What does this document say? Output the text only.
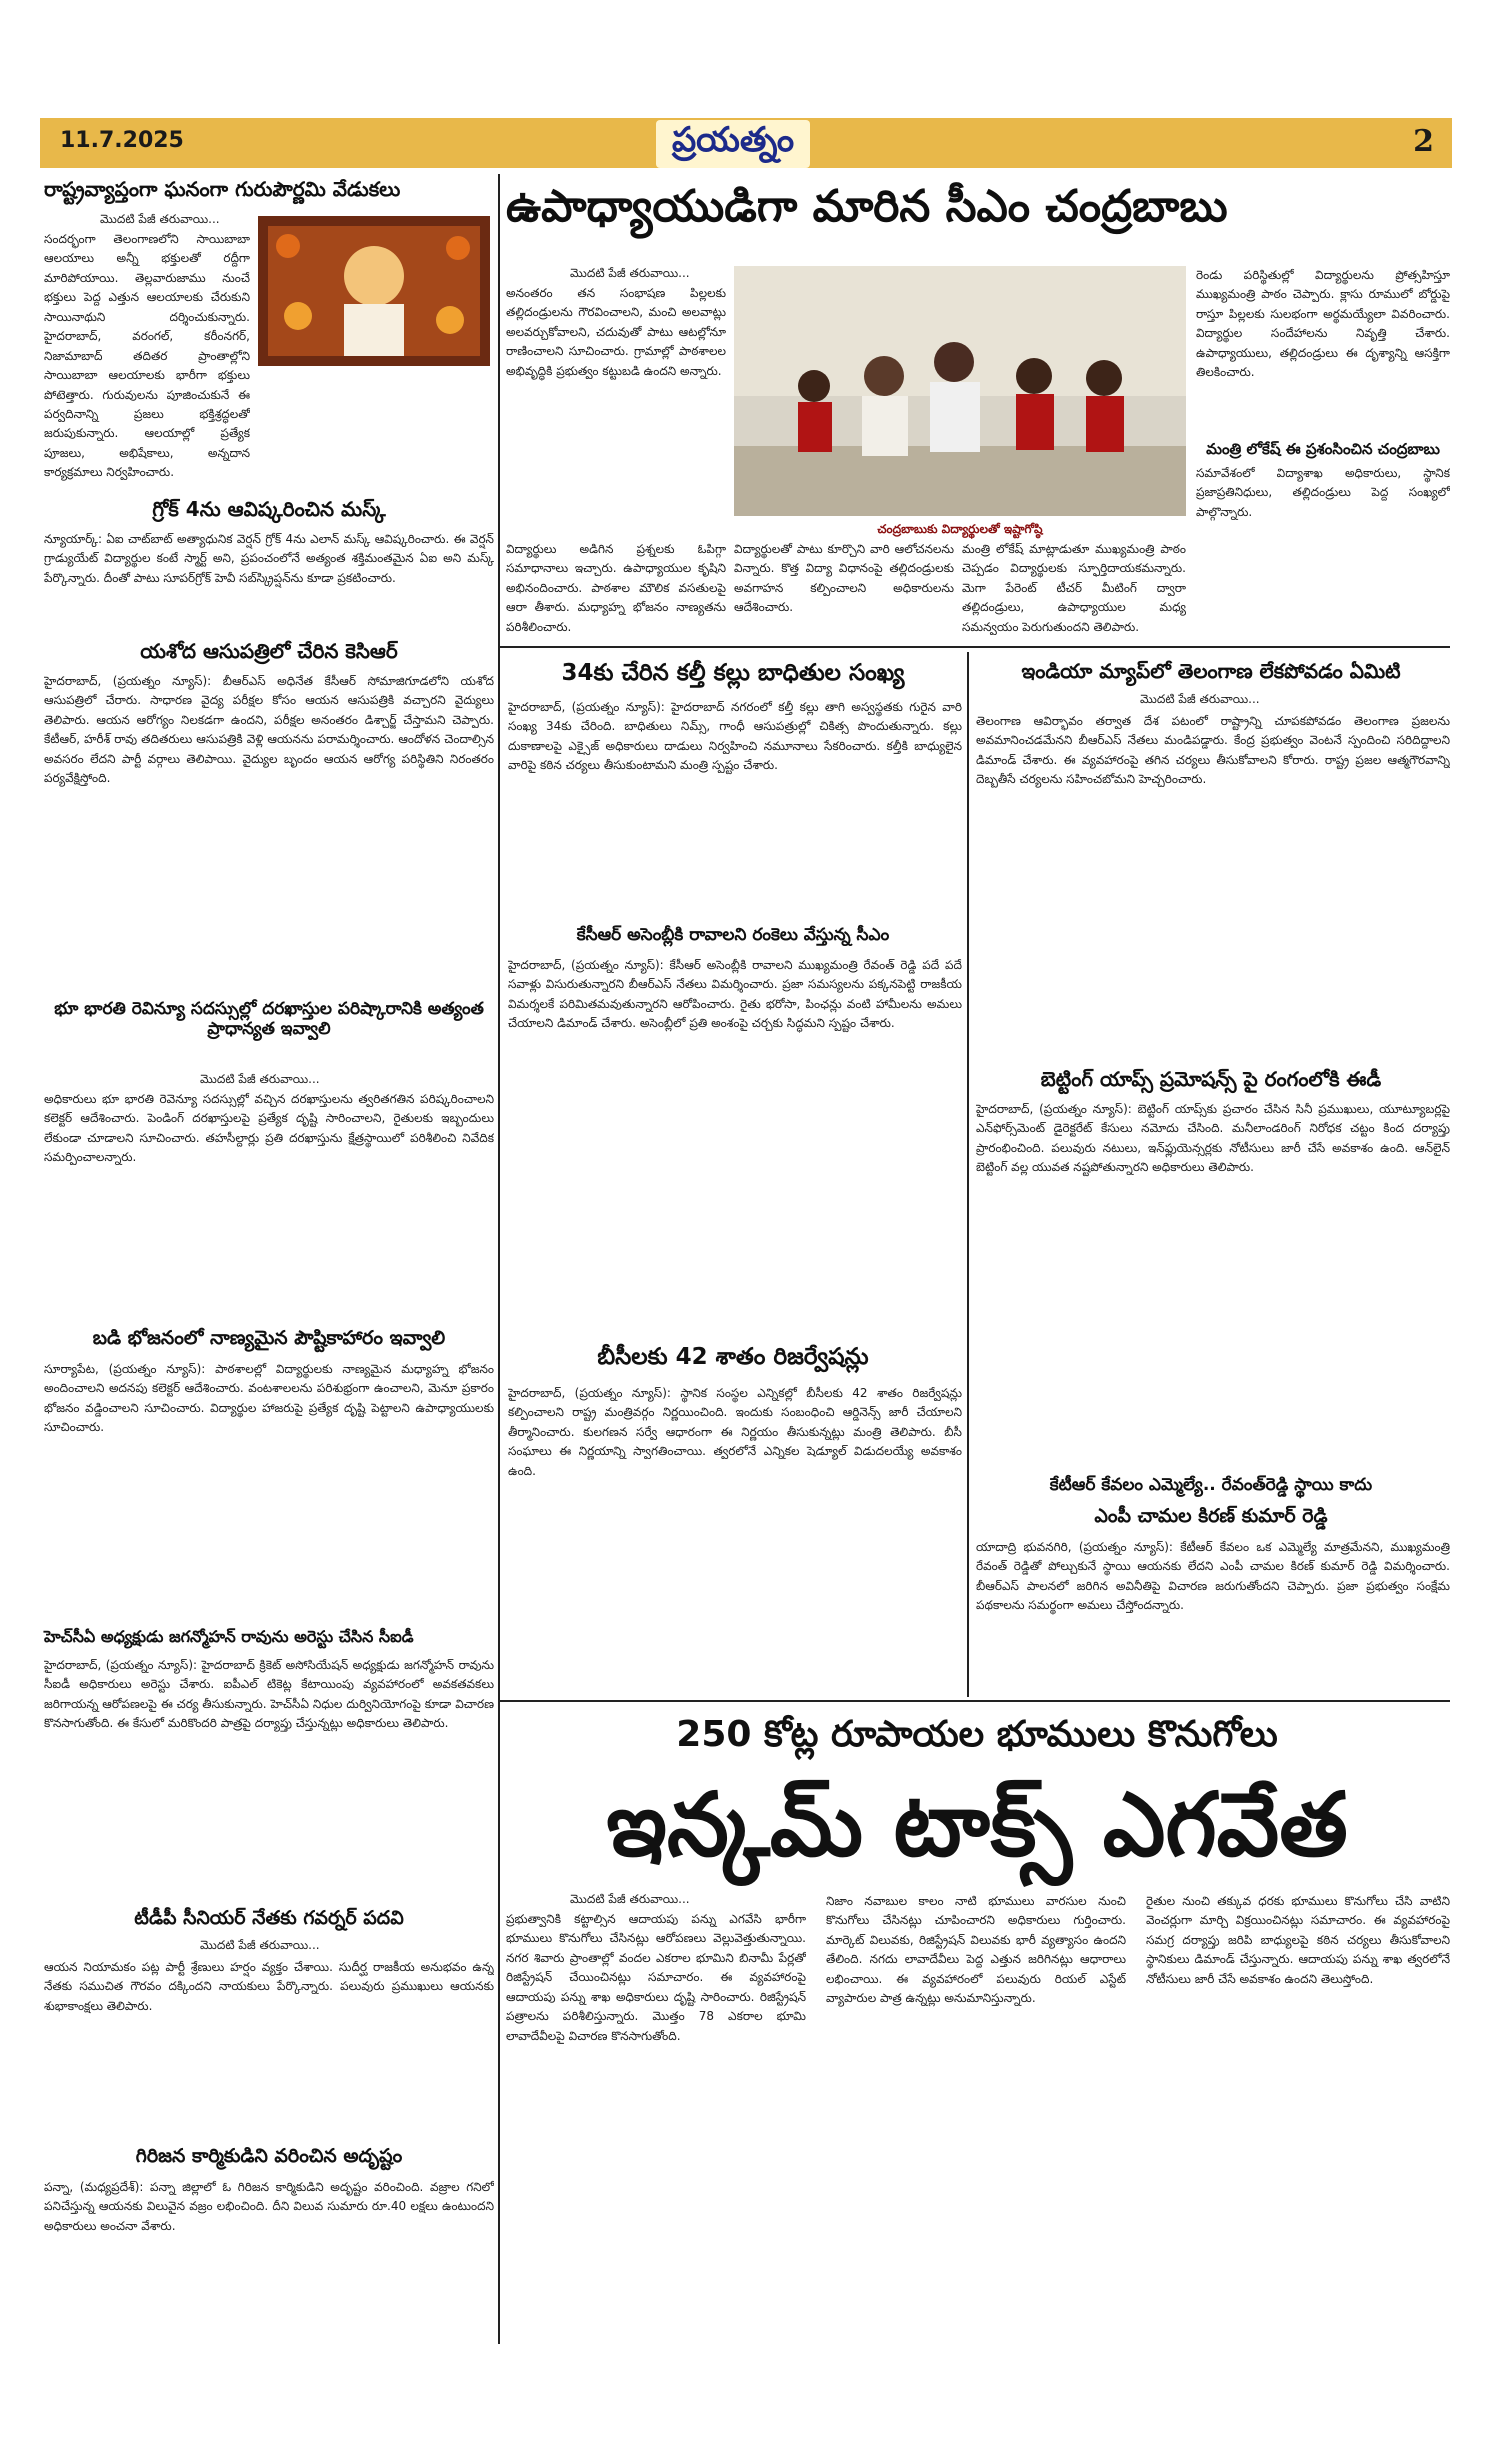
11.7.2025	ప్రయత్నం	2
రాష్ట్రవ్యాప్తంగా ఘనంగా గురుపౌర్ణమి వేడుకలు
మొదటి పేజీ తరువాయి...
సందర్భంగా తెలంగాణలోని సాయిబాబా ఆలయాలు అన్నీ భక్తులతో రద్దీగా మారిపోయాయి. తెల్లవారుజాము నుంచే భక్తులు పెద్ద ఎత్తున ఆలయాలకు చేరుకుని సాయినాథుని దర్శించుకున్నారు. హైదరాబాద్, వరంగల్, కరీంనగర్, నిజామాబాద్ తదితర ప్రాంతాల్లోని సాయిబాబా ఆలయాలకు భారీగా భక్తులు పోటెత్తారు. గురువులను పూజించుకునే ఈ పర్వదినాన్ని ప్రజలు భక్తిశ్రద్ధలతో జరుపుకున్నారు. ఆలయాల్లో ప్రత్యేక పూజలు, అభిషేకాలు, అన్నదాన కార్యక్రమాలు నిర్వహించారు.
గ్రోక్ 4ను ఆవిష్కరించిన మస్క్
న్యూయార్క్: ఏఐ చాట్‌బాట్ అత్యాధునిక వెర్షన్ గ్రోక్ 4ను ఎలాన్ మస్క్ ఆవిష్కరించారు. ఈ వెర్షన్ గ్రాడ్యుయేట్ విద్యార్థుల కంటే స్మార్ట్ అని, ప్రపంచంలోనే అత్యంత శక్తిమంతమైన ఏఐ అని మస్క్ పేర్కొన్నారు. దీంతో పాటు సూపర్‌గ్రోక్ హెవీ సబ్‌స్క్రిప్షన్‌ను కూడా ప్రకటించారు.
యశోద ఆసుపత్రిలో చేరిన కెసిఆర్
హైదరాబాద్, (ప్రయత్నం న్యూస్): బీఆర్ఎస్ అధినేత కేసీఆర్ సోమాజిగూడలోని యశోద ఆసుపత్రిలో చేరారు. సాధారణ వైద్య పరీక్షల కోసం ఆయన ఆసుపత్రికి వచ్చారని వైద్యులు తెలిపారు. ఆయన ఆరోగ్యం నిలకడగా ఉందని, పరీక్షల అనంతరం డిశ్చార్జ్ చేస్తామని చెప్పారు. కేటీఆర్, హరీశ్ రావు తదితరులు ఆసుపత్రికి వెళ్లి ఆయనను పరామర్శించారు. ఆందోళన చెందాల్సిన అవసరం లేదని పార్టీ వర్గాలు తెలిపాయి. వైద్యుల బృందం ఆయన ఆరోగ్య పరిస్థితిని నిరంతరం పర్యవేక్షిస్తోంది.
భూ భారతి రెవిన్యూ సదస్సుల్లో దరఖాస్తుల పరిష్కారానికి అత్యంత ప్రాధాన్యత ఇవ్వాలి
మొదటి పేజీ తరువాయి...
అధికారులు భూ భారతి రెవెన్యూ సదస్సుల్లో వచ్చిన దరఖాస్తులను త్వరితగతిన పరిష్కరించాలని కలెక్టర్ ఆదేశించారు. పెండింగ్ దరఖాస్తులపై ప్రత్యేక దృష్టి సారించాలని, రైతులకు ఇబ్బందులు లేకుండా చూడాలని సూచించారు. తహసీల్దార్లు ప్రతి దరఖాస్తును క్షేత్రస్థాయిలో పరిశీలించి నివేదిక సమర్పించాలన్నారు.
బడి భోజనంలో నాణ్యమైన పౌష్టికాహారం ఇవ్వాలి
సూర్యాపేట, (ప్రయత్నం న్యూస్): పాఠశాలల్లో విద్యార్థులకు నాణ్యమైన మధ్యాహ్న భోజనం అందించాలని అదనపు కలెక్టర్ ఆదేశించారు. వంటశాలలను పరిశుభ్రంగా ఉంచాలని, మెనూ ప్రకారం భోజనం వడ్డించాలని సూచించారు. విద్యార్థుల హాజరుపై ప్రత్యేక దృష్టి పెట్టాలని ఉపాధ్యాయులకు సూచించారు.
హెచ్‌సీఏ అధ్యక్షుడు జగన్మోహన్ రావును అరెస్టు చేసిన సీఐడీ
హైదరాబాద్, (ప్రయత్నం న్యూస్): హైదరాబాద్ క్రికెట్ అసోసియేషన్ అధ్యక్షుడు జగన్మోహన్ రావును సీఐడీ అధికారులు అరెస్టు చేశారు. ఐపీఎల్ టికెట్ల కేటాయింపు వ్యవహారంలో అవకతవకలు జరిగాయన్న ఆరోపణలపై ఈ చర్య తీసుకున్నారు. హెచ్‌సీఏ నిధుల దుర్వినియోగంపై కూడా విచారణ కొనసాగుతోంది. ఈ కేసులో మరికొందరి పాత్రపై దర్యాప్తు చేస్తున్నట్లు అధికారులు తెలిపారు.
టీడీపీ సీనియర్ నేతకు గవర్నర్ పదవి
మొదటి పేజీ తరువాయి...
ఆయన నియామకం పట్ల పార్టీ శ్రేణులు హర్షం వ్యక్తం చేశాయి. సుదీర్ఘ రాజకీయ అనుభవం ఉన్న నేతకు సముచిత గౌరవం దక్కిందని నాయకులు పేర్కొన్నారు. పలువురు ప్రముఖులు ఆయనకు శుభాకాంక్షలు తెలిపారు.
గిరిజన కార్మికుడిని వరించిన అదృష్టం
పన్నా, (మధ్యప్రదేశ్): పన్నా జిల్లాలో ఓ గిరిజన కార్మికుడిని అదృష్టం వరించింది. వజ్రాల గనిలో పనిచేస్తున్న ఆయనకు విలువైన వజ్రం లభించింది. దీని విలువ సుమారు రూ.40 లక్షలు ఉంటుందని అధికారులు అంచనా వేశారు.
ఉపాధ్యాయుడిగా మారిన సీఎం చంద్రబాబు
మొదటి పేజీ తరువాయి...
అనంతరం తన సంభాషణ పిల్లలకు తల్లిదండ్రులను గౌరవించాలని, మంచి అలవాట్లు అలవర్చుకోవాలని, చదువుతో పాటు ఆటల్లోనూ రాణించాలని సూచించారు. గ్రామాల్లో పాఠశాలల అభివృద్ధికి ప్రభుత్వం కట్టుబడి ఉందని అన్నారు.
చంద్రబాబుకు విద్యార్థులతో ఇష్టాగోష్ఠి
విద్యార్థులు అడిగిన ప్రశ్నలకు ఓపిగ్గా సమాధానాలు ఇచ్చారు. ఉపాధ్యాయుల కృషిని అభినందించారు. పాఠశాల మౌలిక వసతులపై ఆరా తీశారు. మధ్యాహ్న భోజనం నాణ్యతను పరిశీలించారు.
విద్యార్థులతో పాటు కూర్చొని వారి ఆలోచనలను విన్నారు. కొత్త విద్యా విధానంపై తల్లిదండ్రులకు అవగాహన కల్పించాలని అధికారులను ఆదేశించారు.
మంత్రి లోకేష్ మాట్లాడుతూ ముఖ్యమంత్రి పాఠం చెప్పడం విద్యార్థులకు స్ఫూర్తిదాయకమన్నారు. మెగా పేరెంట్ టీచర్ మీటింగ్ ద్వారా తల్లిదండ్రులు, ఉపాధ్యాయుల మధ్య సమన్వయం పెరుగుతుందని తెలిపారు.
రెండు పరిస్థితుల్లో విద్యార్థులను ప్రోత్సహిస్తూ ముఖ్యమంత్రి పాఠం చెప్పారు. క్లాసు రూములో బోర్డుపై రాస్తూ పిల్లలకు సులభంగా అర్థమయ్యేలా వివరించారు. విద్యార్థుల సందేహాలను నివృత్తి చేశారు. ఉపాధ్యాయులు, తల్లిదండ్రులు ఈ దృశ్యాన్ని ఆసక్తిగా తిలకించారు.
మంత్రి లోకేష్ ఈ ప్రశంసించిన చంద్రబాబు
సమావేశంలో విద్యాశాఖ అధికారులు, స్థానిక ప్రజాప్రతినిధులు, తల్లిదండ్రులు పెద్ద సంఖ్యలో పాల్గొన్నారు.
34కు చేరిన కల్తీ కల్లు బాధితుల సంఖ్య
హైదరాబాద్, (ప్రయత్నం న్యూస్): హైదరాబాద్ నగరంలో కల్తీ కల్లు తాగి అస్వస్థతకు గురైన వారి సంఖ్య 34కు చేరింది. బాధితులు నిమ్స్, గాంధీ ఆసుపత్రుల్లో చికిత్స పొందుతున్నారు. కల్లు దుకాణాలపై ఎక్సైజ్ అధికారులు దాడులు నిర్వహించి నమూనాలు సేకరించారు. కల్తీకి బాధ్యులైన వారిపై కఠిన చర్యలు తీసుకుంటామని మంత్రి స్పష్టం చేశారు.
కేసీఆర్ అసెంబ్లీకి రావాలని రంకెలు వేస్తున్న సీఎం
హైదరాబాద్, (ప్రయత్నం న్యూస్): కేసీఆర్ అసెంబ్లీకి రావాలని ముఖ్యమంత్రి రేవంత్ రెడ్డి పదే పదే సవాళ్లు విసురుతున్నారని బీఆర్ఎస్ నేతలు విమర్శించారు. ప్రజా సమస్యలను పక్కనపెట్టి రాజకీయ విమర్శలకే పరిమితమవుతున్నారని ఆరోపించారు. రైతు భరోసా, పింఛన్లు వంటి హామీలను అమలు చేయాలని డిమాండ్ చేశారు. అసెంబ్లీలో ప్రతి అంశంపై చర్చకు సిద్ధమని స్పష్టం చేశారు.
బీసీలకు 42 శాతం రిజర్వేషన్లు
హైదరాబాద్, (ప్రయత్నం న్యూస్): స్థానిక సంస్థల ఎన్నికల్లో బీసీలకు 42 శాతం రిజర్వేషన్లు కల్పించాలని రాష్ట్ర మంత్రివర్గం నిర్ణయించింది. ఇందుకు సంబంధించి ఆర్డినెన్స్ జారీ చేయాలని తీర్మానించారు. కులగణన సర్వే ఆధారంగా ఈ నిర్ణయం తీసుకున్నట్లు మంత్రి తెలిపారు. బీసీ సంఘాలు ఈ నిర్ణయాన్ని స్వాగతించాయి. త్వరలోనే ఎన్నికల షెడ్యూల్ విడుదలయ్యే అవకాశం ఉంది.
ఇండియా మ్యాప్‌లో తెలంగాణ లేకపోవడం ఏమిటి
మొదటి పేజీ తరువాయి...
తెలంగాణ ఆవిర్భావం తర్వాత దేశ పటంలో రాష్ట్రాన్ని చూపకపోవడం తెలంగాణ ప్రజలను అవమానించడమేనని బీఆర్ఎస్ నేతలు మండిపడ్డారు. కేంద్ర ప్రభుత్వం వెంటనే స్పందించి సరిదిద్దాలని డిమాండ్ చేశారు. ఈ వ్యవహారంపై తగిన చర్యలు తీసుకోవాలని కోరారు. రాష్ట్ర ప్రజల ఆత్మగౌరవాన్ని దెబ్బతీసే చర్యలను సహించబోమని హెచ్చరించారు.
బెట్టింగ్ యాప్స్ ప్రమోషన్స్ పై రంగంలోకి ఈడీ
హైదరాబాద్, (ప్రయత్నం న్యూస్): బెట్టింగ్ యాప్స్‌కు ప్రచారం చేసిన సినీ ప్రముఖులు, యూట్యూబర్లపై ఎన్‌ఫోర్స్‌మెంట్ డైరెక్టరేట్ కేసులు నమోదు చేసింది. మనీలాండరింగ్ నిరోధక చట్టం కింద దర్యాప్తు ప్రారంభించింది. పలువురు నటులు, ఇన్‌ఫ్లుయెన్సర్లకు నోటీసులు జారీ చేసే అవకాశం ఉంది. ఆన్‌లైన్ బెట్టింగ్ వల్ల యువత నష్టపోతున్నారని అధికారులు తెలిపారు.
కేటీఆర్ కేవలం ఎమ్మెల్యే.. రేవంత్‌రెడ్డి స్థాయి కాదు
ఎంపీ చామల కిరణ్ కుమార్ రెడ్డి
యాదాద్రి భువనగిరి, (ప్రయత్నం న్యూస్): కేటీఆర్ కేవలం ఒక ఎమ్మెల్యే మాత్రమేనని, ముఖ్యమంత్రి రేవంత్ రెడ్డితో పోల్చుకునే స్థాయి ఆయనకు లేదని ఎంపీ చామల కిరణ్ కుమార్ రెడ్డి విమర్శించారు. బీఆర్ఎస్ పాలనలో జరిగిన అవినీతిపై విచారణ జరుగుతోందని చెప్పారు. ప్రజా ప్రభుత్వం సంక్షేమ పథకాలను సమర్థంగా అమలు చేస్తోందన్నారు.
250 కోట్ల రూపాయల భూములు కొనుగోలు
ఇన్కమ్ టాక్స్ ఎగవేత
మొదటి పేజీ తరువాయి...
ప్రభుత్వానికి కట్టాల్సిన ఆదాయపు పన్ను ఎగవేసి భారీగా భూములు కొనుగోలు చేసినట్లు ఆరోపణలు వెల్లువెత్తుతున్నాయి. నగర శివారు ప్రాంతాల్లో వందల ఎకరాల భూమిని బినామీ పేర్లతో రిజిస్ట్రేషన్ చేయించినట్లు సమాచారం. ఈ వ్యవహారంపై ఆదాయపు పన్ను శాఖ అధికారులు దృష్టి సారించారు. రిజిస్ట్రేషన్ పత్రాలను పరిశీలిస్తున్నారు. మొత్తం 78 ఎకరాల భూమి లావాదేవీలపై విచారణ కొనసాగుతోంది.
నిజాం నవాబుల కాలం నాటి భూములు వారసుల నుంచి కొనుగోలు చేసినట్లు చూపించారని అధికారులు గుర్తించారు. మార్కెట్ విలువకు, రిజిస్ట్రేషన్ విలువకు భారీ వ్యత్యాసం ఉందని తేలింది. నగదు లావాదేవీలు పెద్ద ఎత్తున జరిగినట్లు ఆధారాలు లభించాయి. ఈ వ్యవహారంలో పలువురు రియల్ ఎస్టేట్ వ్యాపారుల పాత్ర ఉన్నట్లు అనుమానిస్తున్నారు.
రైతుల నుంచి తక్కువ ధరకు భూములు కొనుగోలు చేసి వాటిని వెంచర్లుగా మార్చి విక్రయించినట్లు సమాచారం. ఈ వ్యవహారంపై సమగ్ర దర్యాప్తు జరిపి బాధ్యులపై కఠిన చర్యలు తీసుకోవాలని స్థానికులు డిమాండ్ చేస్తున్నారు. ఆదాయపు పన్ను శాఖ త్వరలోనే నోటీసులు జారీ చేసే అవకాశం ఉందని తెలుస్తోంది.
